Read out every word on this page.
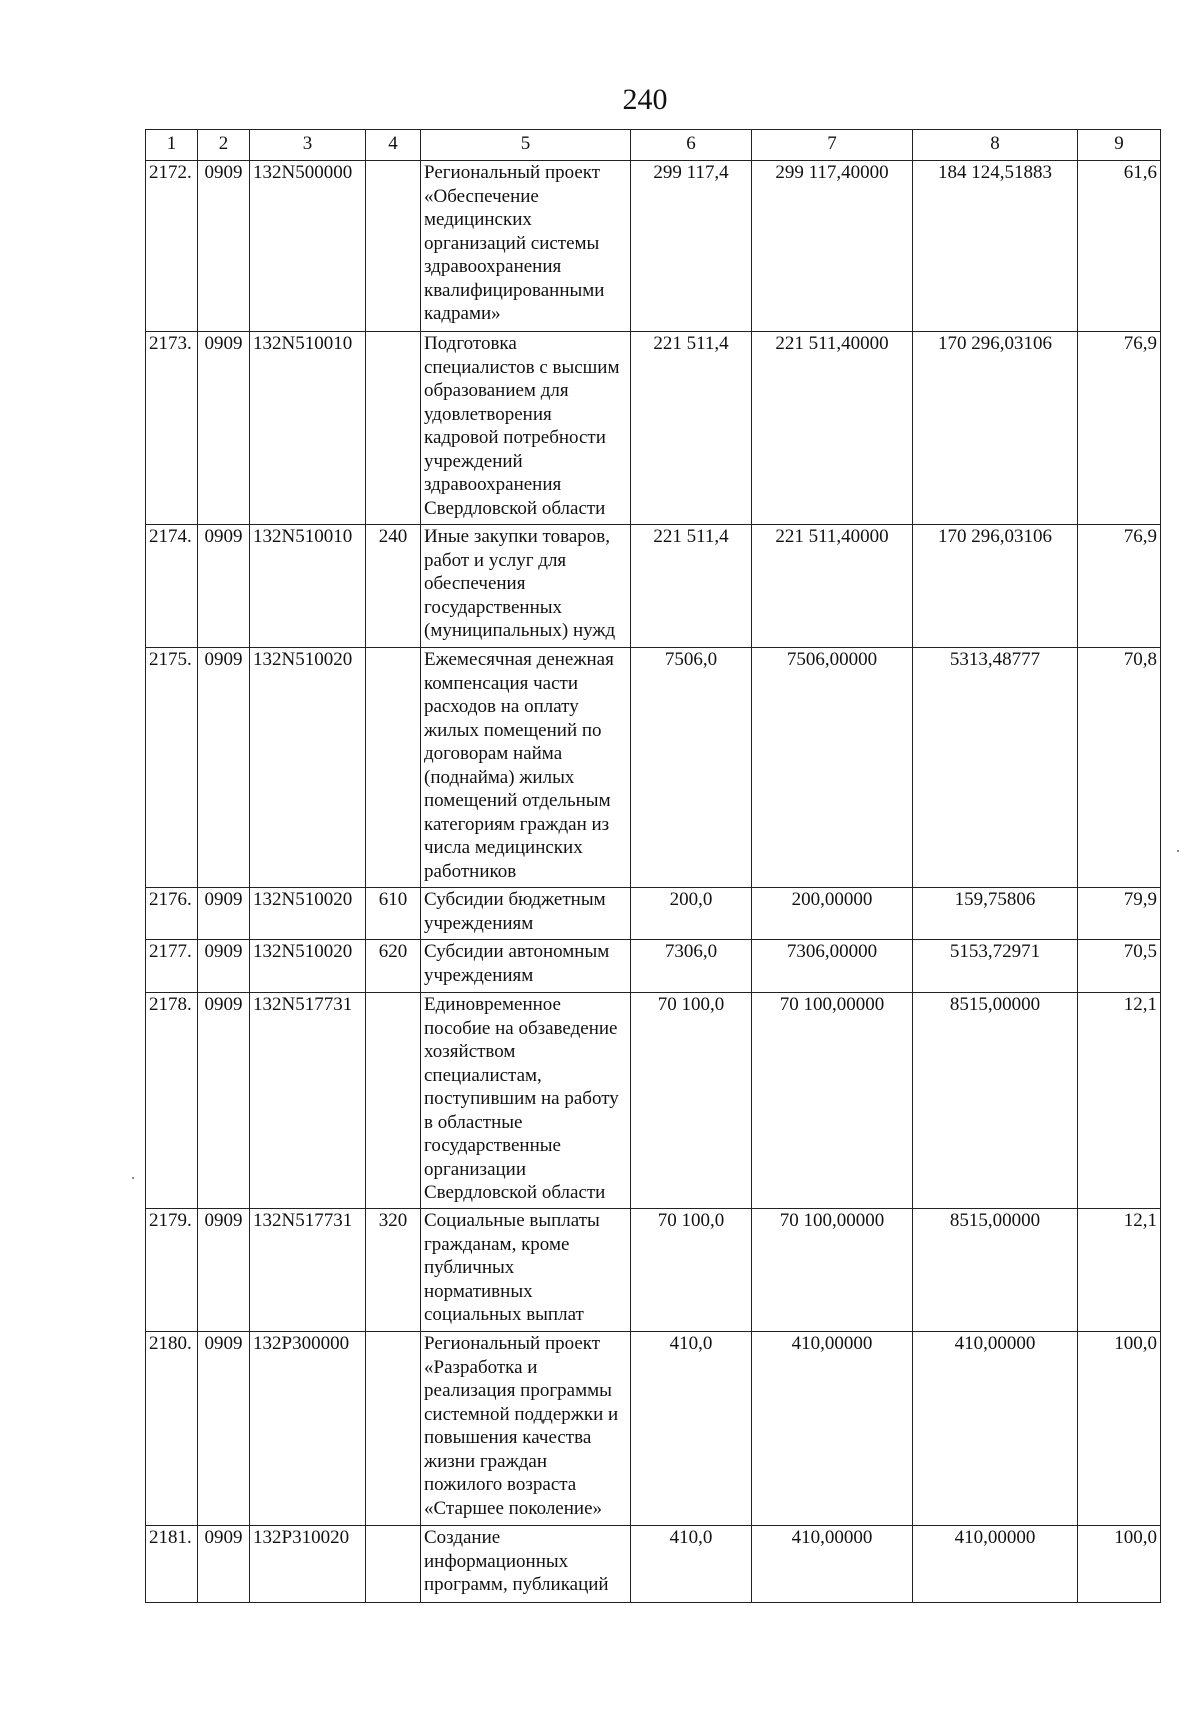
240
1	2	3	4	5	6	7	8	9
2172.	0909	132N500000		Региональный проект «Обеспечение медицинских организаций системы здравоохранения квалифицированными кадрами»	299 117,4	299 117,40000	184 124,51883	61,6
2173.	0909	132N510010		Подготовка специалистов с высшим образованием для удовлетворения кадровой потребности учреждений здравоохранения Свердловской области	221 511,4	221 511,40000	170 296,03106	76,9
2174.	0909	132N510010	240	Иные закупки товаров, работ и услуг для обеспечения государственных (муниципальных) нужд	221 511,4	221 511,40000	170 296,03106	76,9
2175.	0909	132N510020		Ежемесячная денежная компенсация части расходов на оплату жилых помещений по договорам найма (поднайма) жилых помещений отдельным категориям граждан из числа медицинских работников	7506,0	7506,00000	5313,48777	70,8
2176.	0909	132N510020	610	Субсидии бюджетным учреждениям	200,0	200,00000	159,75806	79,9
2177.	0909	132N510020	620	Субсидии автономным учреждениям	7306,0	7306,00000	5153,72971	70,5
2178.	0909	132N517731		Единовременное пособие на обзаведение хозяйством специалистам, поступившим на работу в областные государственные организации Свердловской области	70 100,0	70 100,00000	8515,00000	12,1
2179.	0909	132N517731	320	Социальные выплаты гражданам, кроме публичных нормативных социальных выплат	70 100,0	70 100,00000	8515,00000	12,1
2180.	0909	132P300000		Региональный проект «Разработка и реализация программы системной поддержки и повышения качества жизни граждан пожилого возраста «Старшее поколение»	410,0	410,00000	410,00000	100,0
2181.	0909	132P310020		Создание информационных программ, публикаций	410,0	410,00000	410,00000	100,0
